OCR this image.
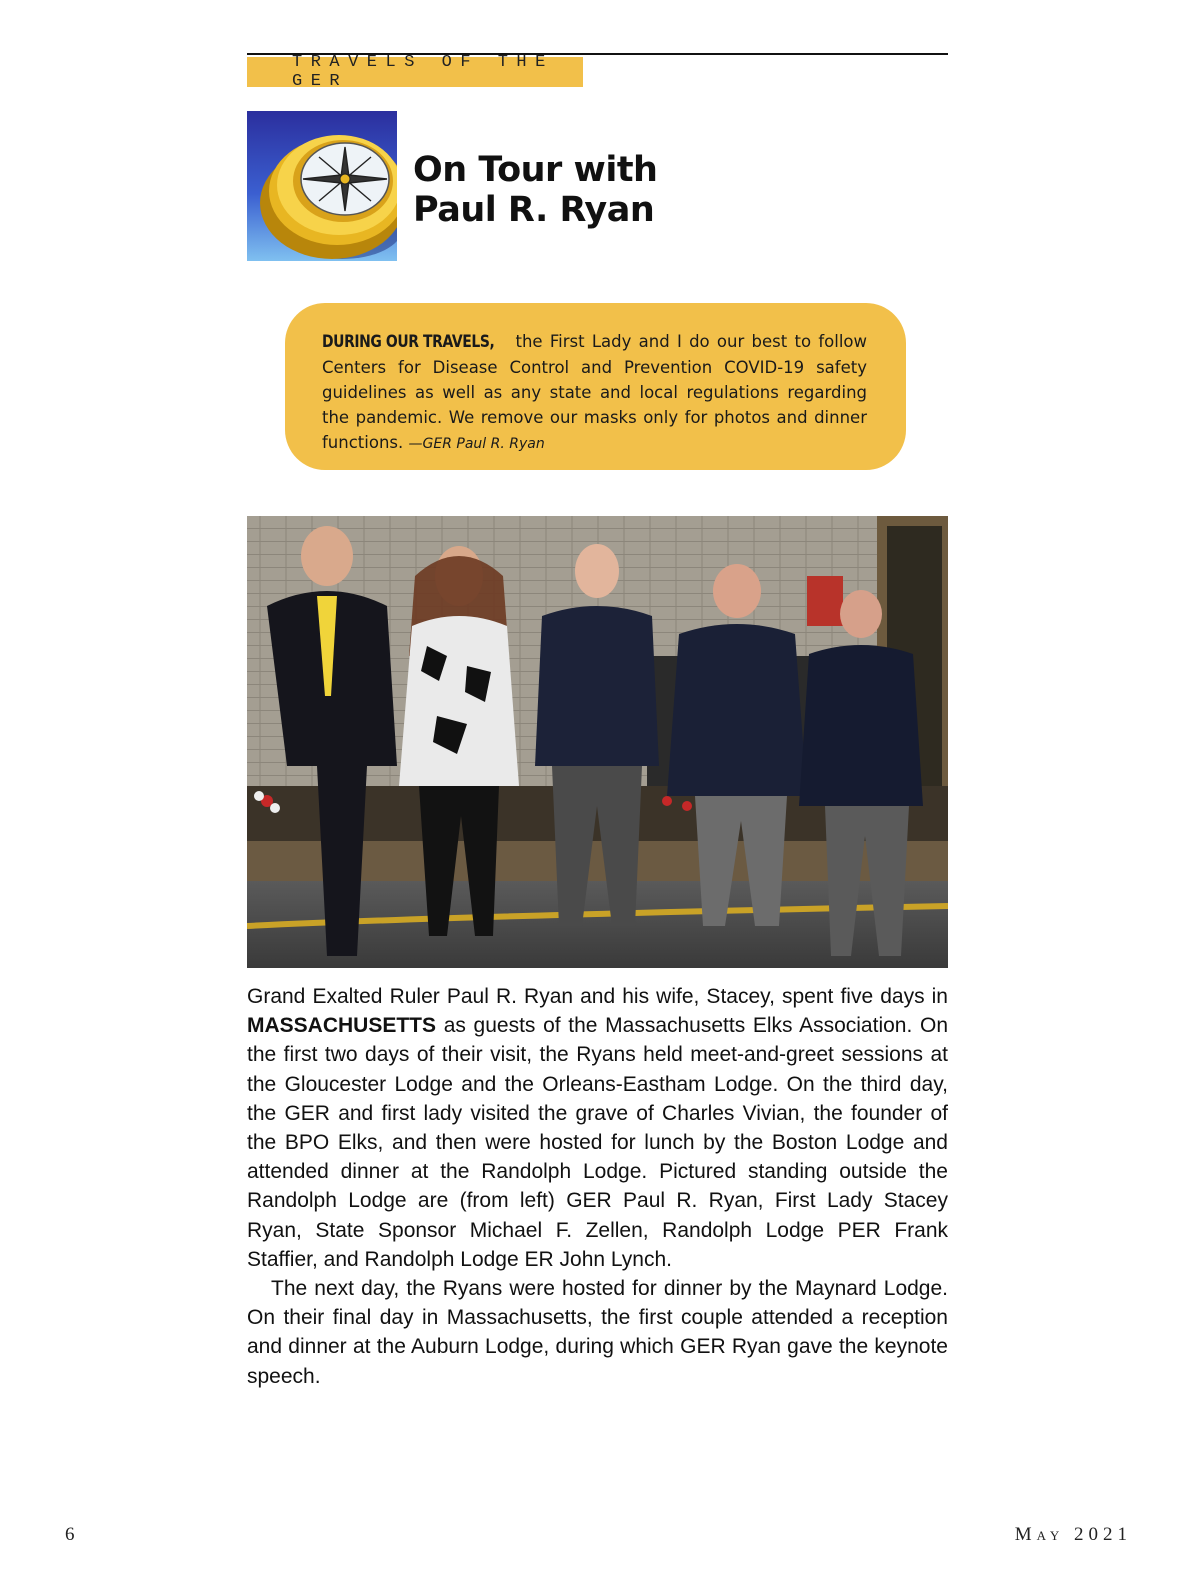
TRAVELS OF THE GER
On Tour with
Paul R. Ryan
DURING OUR TRAVELS, the First Lady and I do our best to follow Centers for Disease Control and Prevention COVID-19 safety guidelines as well as any state and local regulations regarding the pandemic. We remove our masks only for photos and dinner functions. —GER Paul R. Ryan

Grand Exalted Ruler Paul R. Ryan and his wife, Stacey, spent five days in MASSACHUSETTS as guests of the Massachusetts Elks Association. On the first two days of their visit, the Ryans held meet-and-greet sessions at the Gloucester Lodge and the Orleans-Eastham Lodge. On the third day, the GER and first lady visited the grave of Charles Vivian, the founder of the BPO Elks, and then were hosted for lunch by the Boston Lodge and attended dinner at the Randolph Lodge. Pictured standing outside the Randolph Lodge are (from left) GER Paul R. Ryan, First Lady Stacey Ryan, State Sponsor Michael F. Zellen, Randolph Lodge PER Frank Staffier, and Randolph Lodge ER John Lynch.

The next day, the Ryans were hosted for dinner by the Maynard Lodge. On their final day in Massachusetts, the first couple attended a reception and dinner at the Auburn Lodge, during which GER Ryan gave the keynote speech.

6	May 2021
